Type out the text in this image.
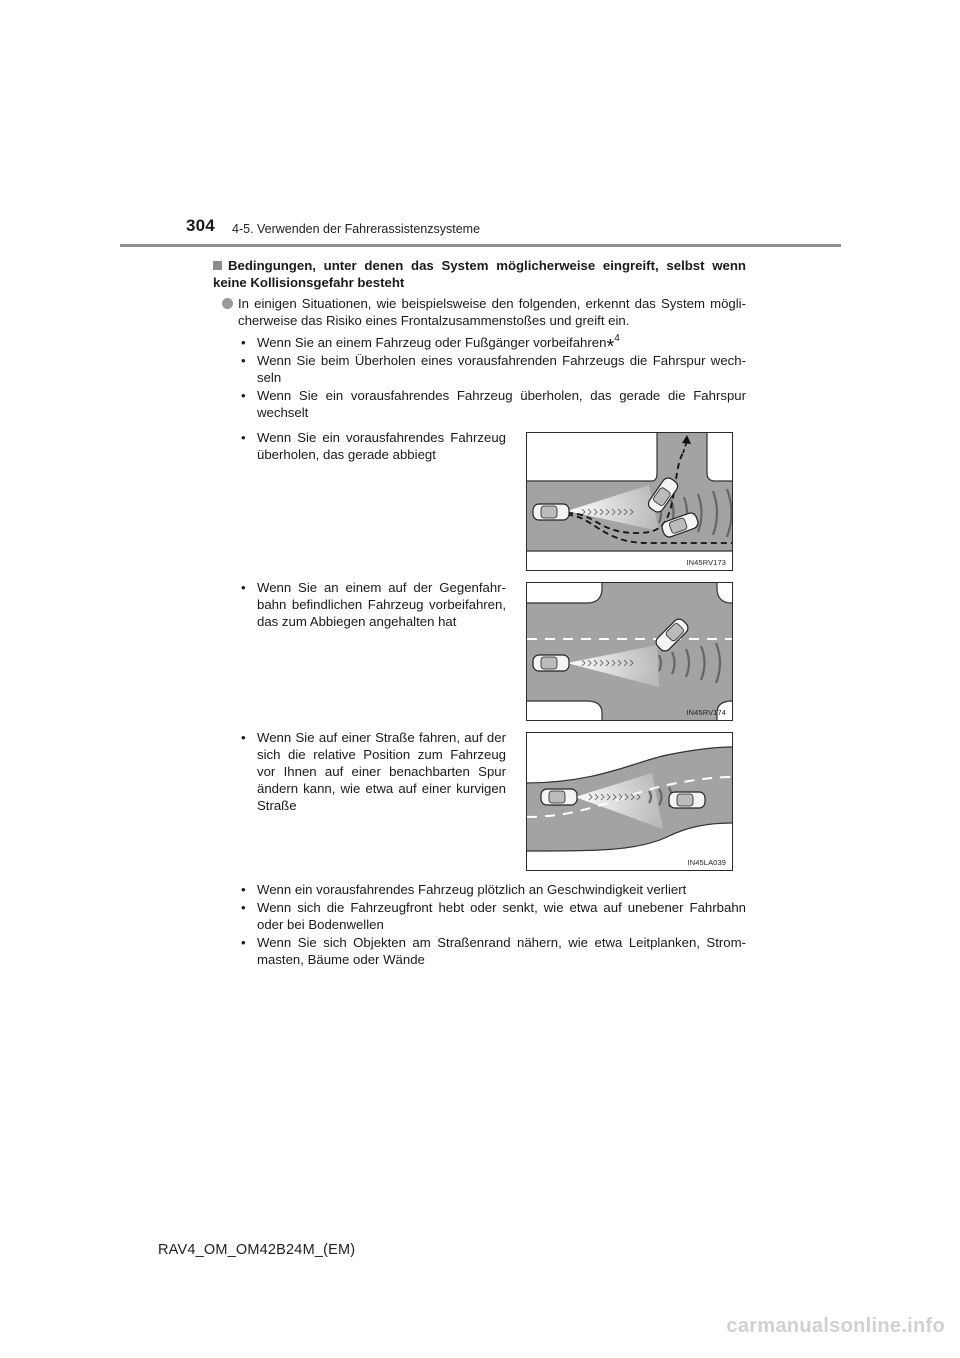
304 4-5. Verwenden der Fahrerassistenzsysteme
Bedingungen, unter denen das System möglicherweise eingreift, selbst wenn keine Kollisionsgefahr besteht
In einigen Situationen, wie beispielsweise den folgenden, erkennt das System mögli-cherweise das Risiko eines Frontalzusammenstoßes und greift ein.
• Wenn Sie an einem Fahrzeug oder Fußgänger vorbeifahren*$^4$
• Wenn Sie beim Überholen eines vorausfahrenden Fahrzeugs die Fahrspur wech-seln
• Wenn Sie ein vorausfahrendes Fahrzeug überholen, das gerade die Fahrspur wechselt
• Wenn Sie ein vorausfahrendes Fahrzeug überholen, das gerade abbiegt
• Wenn Sie an einem auf der Gegenfahr-bahn befindlichen Fahrzeug vorbeifahren, das zum Abbiegen angehalten hat
• Wenn Sie auf einer Straße fahren, auf der sich die relative Position zum Fahrzeug vor Ihnen auf einer benachbarten Spur ändern kann, wie etwa auf einer kurvigen Straße
IN45RV173
IN45RV174
IN45LA039
• Wenn ein vorausfahrendes Fahrzeug plötzlich an Geschwindigkeit verliert
• Wenn sich die Fahrzeugfront hebt oder senkt, wie etwa auf unebener Fahrbahn oder bei Bodenwellen
• Wenn Sie sich Objekten am Straßenrand nähern, wie etwa Leitplanken, Strom-masten, Bäume oder Wände
RAV4_OM_OM42B24M_(EM)
carmanualsonline.info
